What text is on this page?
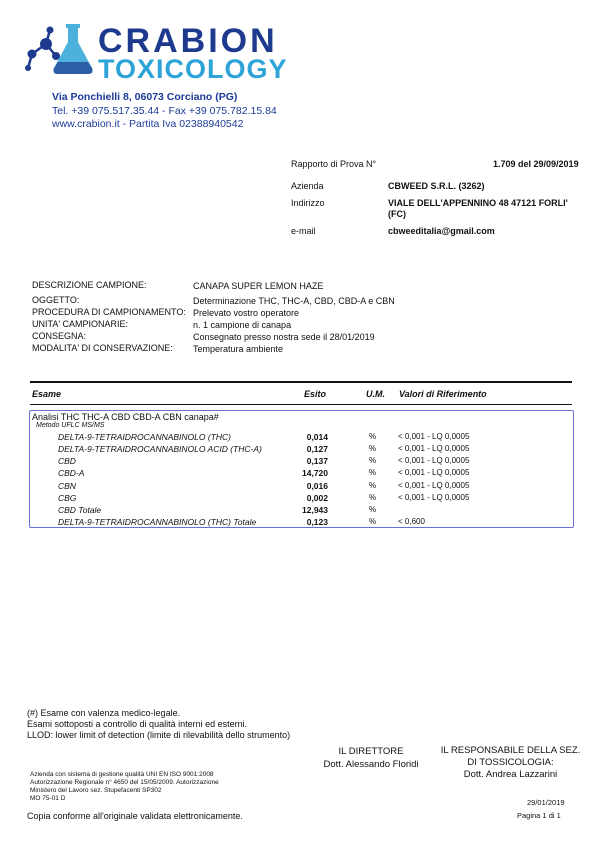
CRABION
TOXICOLOGY
Via Ponchielli 8, 06073 Corciano (PG)
Tel. +39 075.517.35.44 - Fax +39 075.782.15.84
www.crabion.it - Partita Iva 02388940542
Rapporto di Prova N°	1.709 del 29/09/2019
Azienda	CBWEED S.R.L. (3262)
Indirizzo	VIALE DELL'APPENNINO 48 47121 FORLI'
(FC)
e-mail	cbweeditalia@gmail.com
DESCRIZIONE CAMPIONE:	CANAPA SUPER LEMON HAZE
OGGETTO:	Determinazione THC, THC-A, CBD, CBD-A e CBN
PROCEDURA DI CAMPIONAMENTO: Prelevato vostro operatore
UNITA' CAMPIONARIE:	n. 1 campione di canapa
CONSEGNA:	Consegnato presso nostra sede il 28/01/2019
MODALITA' DI CONSERVAZIONE: Temperatura ambiente
Esame	Esito	U.M. Valori di Riferimento
Analisi THC THC-A CBD CBD-A CBN canapa#
Metodo UFLC MS/MS
DELTA-9-TETRAIDROCANNABINOLO (THC)	0,014	%	< 0,001 - LQ 0,0005
DELTA-9-TETRAIDROCANNABINOLO ACID (THC-A)	0,127	%	< 0,001 - LQ 0,0005
CBD	0,137	%	< 0,001 - LQ 0,0005
CBD-A	14,720	%	< 0,001 - LQ 0,0005
CBN	0,016	%	< 0,001 - LQ 0,0005
CBG	0,002	%	< 0,001 - LQ 0,0005
CBD Totale	12,943	%
DELTA-9-TETRAIDROCANNABINOLO (THC) Totale	0,123	%	< 0,600
(#) Esame con valenza medico-legale.
Esami sottoposti a controllo di qualità interni ed esterni.
LLOD: lower limit of detection (limite di rilevabilità dello strumento)
IL DIRETTORE
Dott. Alessando Floridi
IL RESPONSABILE DELLA SEZ.
DI TOSSICOLOGIA:
Dott. Andrea Lazzarini
Azienda con sistema di gestione qualità UNI EN ISO 9001:2008
Autorizzazione Regionale n° 4650 del 15/05/2009. Autorizzazione
Ministero del Lavoro sez. Stupefacenti SP302
MO 75-01 D	29/01/2019
Pagina 1 di 1
Copia conforme all'originale validata elettronicamente.
